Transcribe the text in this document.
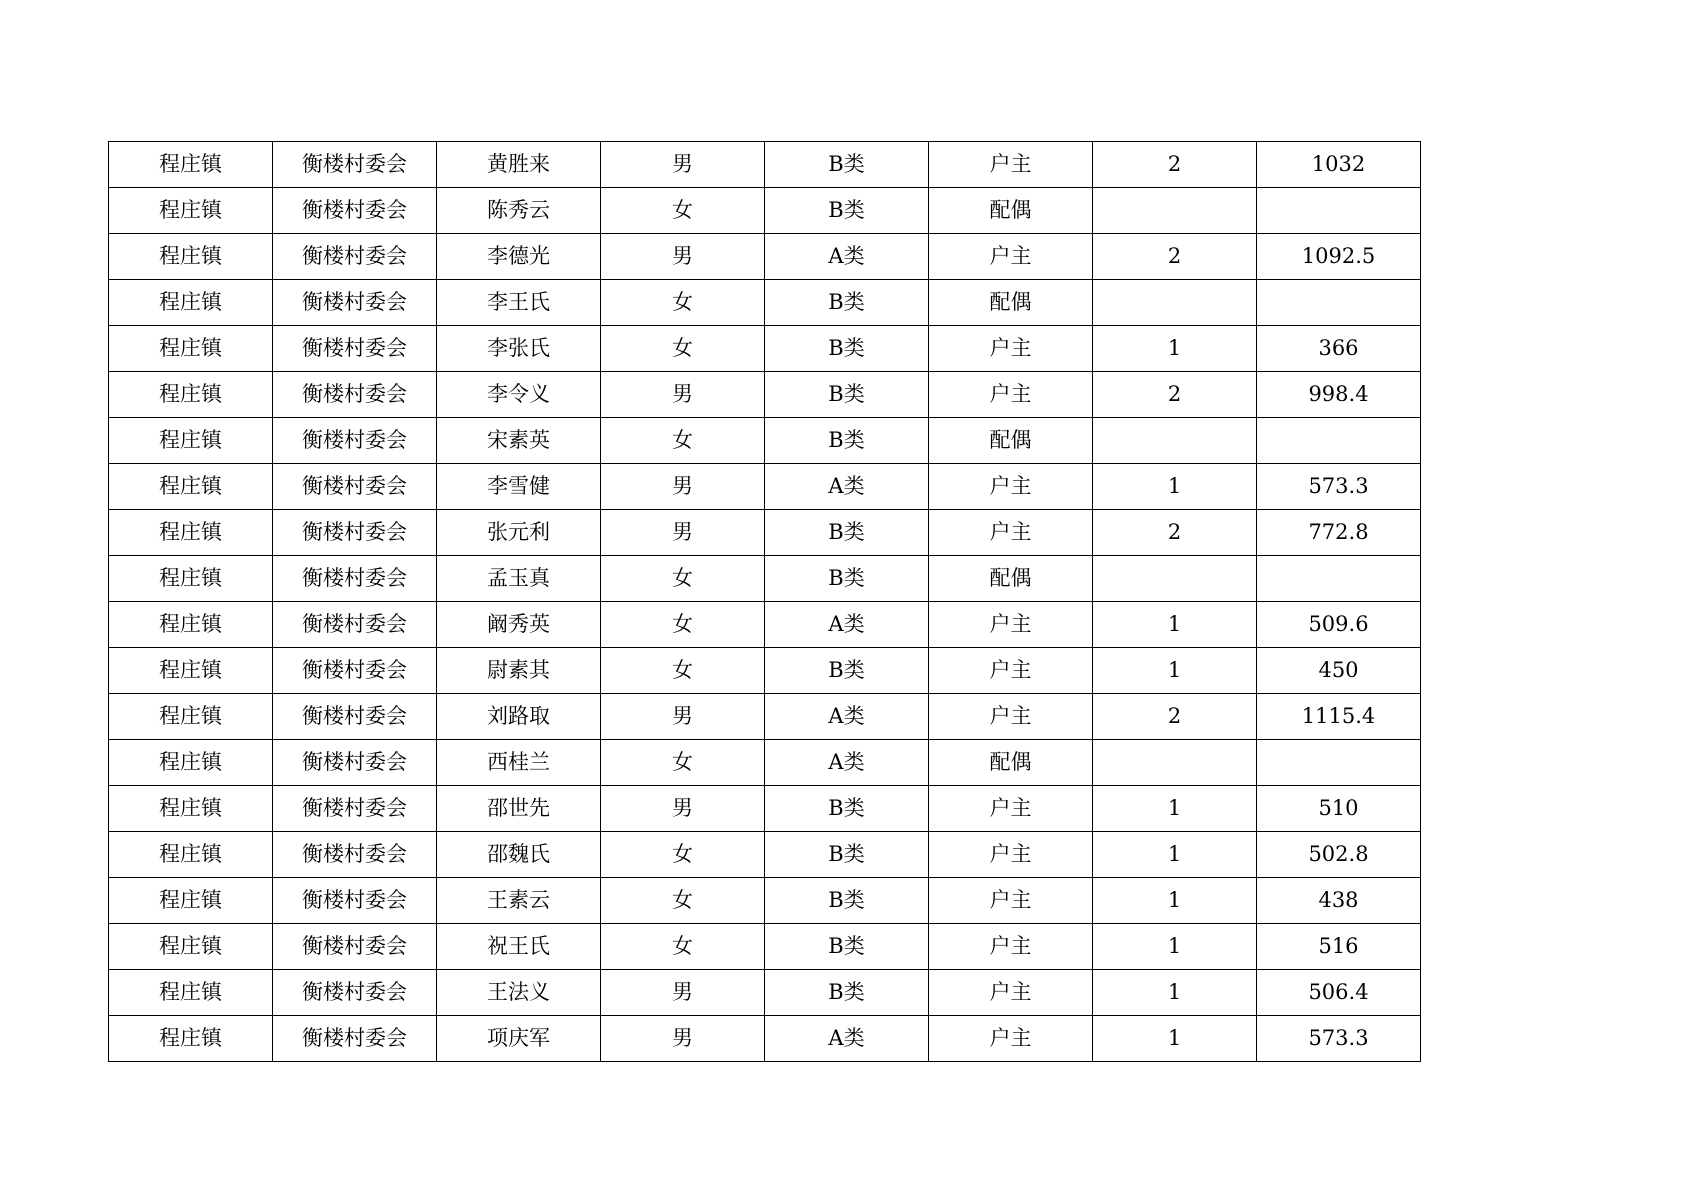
程庄镇	衡楼村委会	黄胜来	男	B类	户主	2	1032
程庄镇	衡楼村委会	陈秀云	女	B类	配偶		
程庄镇	衡楼村委会	李德光	男	A类	户主	2	1092.5
程庄镇	衡楼村委会	李王氏	女	B类	配偶		
程庄镇	衡楼村委会	李张氏	女	B类	户主	1	366
程庄镇	衡楼村委会	李令义	男	B类	户主	2	998.4
程庄镇	衡楼村委会	宋素英	女	B类	配偶		
程庄镇	衡楼村委会	李雪健	男	A类	户主	1	573.3
程庄镇	衡楼村委会	张元利	男	B类	户主	2	772.8
程庄镇	衡楼村委会	孟玉真	女	B类	配偶		
程庄镇	衡楼村委会	阚秀英	女	A类	户主	1	509.6
程庄镇	衡楼村委会	尉素其	女	B类	户主	1	450
程庄镇	衡楼村委会	刘路取	男	A类	户主	2	1115.4
程庄镇	衡楼村委会	西桂兰	女	A类	配偶		
程庄镇	衡楼村委会	邵世先	男	B类	户主	1	510
程庄镇	衡楼村委会	邵魏氏	女	B类	户主	1	502.8
程庄镇	衡楼村委会	王素云	女	B类	户主	1	438
程庄镇	衡楼村委会	祝王氏	女	B类	户主	1	516
程庄镇	衡楼村委会	王法义	男	B类	户主	1	506.4
程庄镇	衡楼村委会	项庆军	男	A类	户主	1	573.3
